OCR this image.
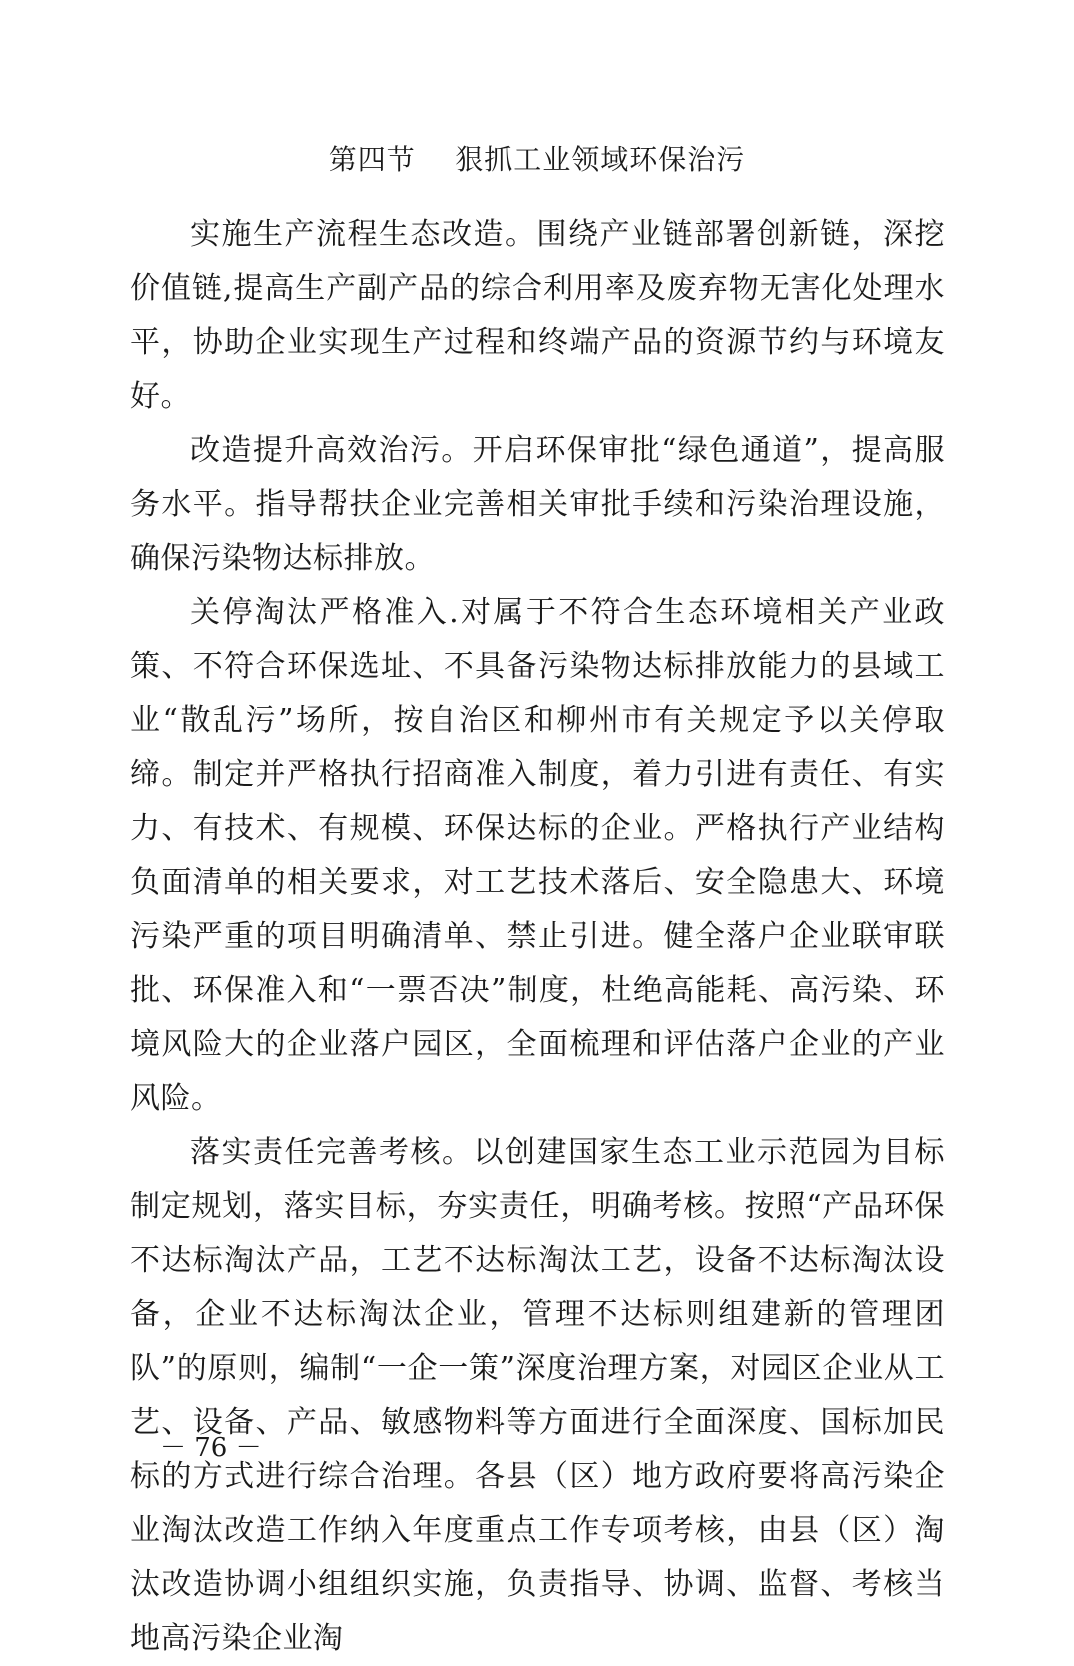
第四节    狠抓工业领域环保治污

实施生产流程生态改造。围绕产业链部署创新链，深挖价值链,提高生产副产品的综合利用率及废弃物无害化处理水平，协助企业实现生产过程和终端产品的资源节约与环境友好。

改造提升高效治污。开启环保审批“绿色通道”，提高服务水平。指导帮扶企业完善相关审批手续和污染治理设施，确保污染物达标排放。

关停淘汰严格准入.对属于不符合生态环境相关产业政策、不符合环保选址、不具备污染物达标排放能力的县域工业“散乱污”场所，按自治区和柳州市有关规定予以关停取缔。制定并严格执行招商准入制度，着力引进有责任、有实力、有技术、有规模、环保达标的企业。严格执行产业结构负面清单的相关要求，对工艺技术落后、安全隐患大、环境污染严重的项目明确清单、禁止引进。健全落户企业联审联批、环保准入和“一票否决”制度，杜绝高能耗、高污染、环境风险大的企业落户园区，全面梳理和评估落户企业的产业风险。

落实责任完善考核。以创建国家生态工业示范园为目标制定规划，落实目标，夯实责任，明确考核。按照“产品环保不达标淘汰产品，工艺不达标淘汰工艺，设备不达标淘汰设备，企业不达标淘汰企业，管理不达标则组建新的管理团队”的原则，编制“一企一策”深度治理方案，对园区企业从工艺、设备、产品、敏感物料等方面进行全面深度、国标加民标的方式进行综合治理。各县（区）地方政府要将高污染企业淘汰改造工作纳入年度重点工作专项考核，由县（区）淘汰改造协调小组组织实施，负责指导、协调、监督、考核当地高污染企业淘

－ 76 －
